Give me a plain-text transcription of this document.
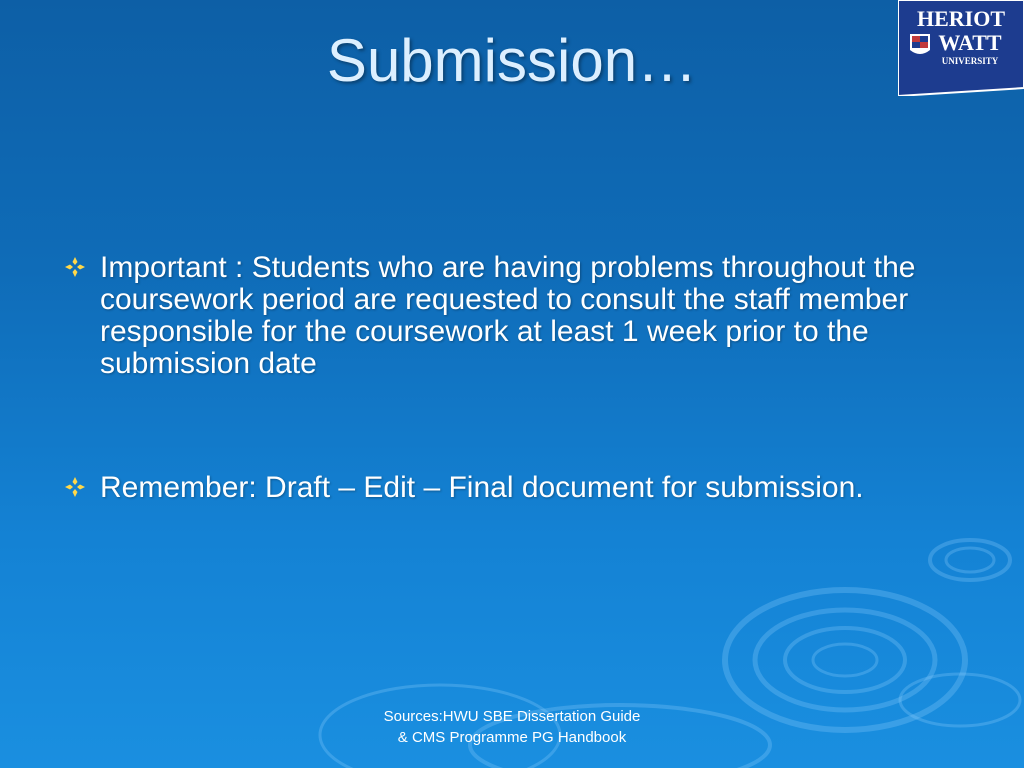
Submission…
HERIOT
WATT
UNIVERSITY
Important : Students who are having problems throughout the coursework period are requested to consult the staff member responsible for the coursework at least 1 week prior to the submission date
Remember: Draft – Edit – Final document for submission.
Sources:HWU SBE Dissertation Guide
& CMS Programme PG Handbook
